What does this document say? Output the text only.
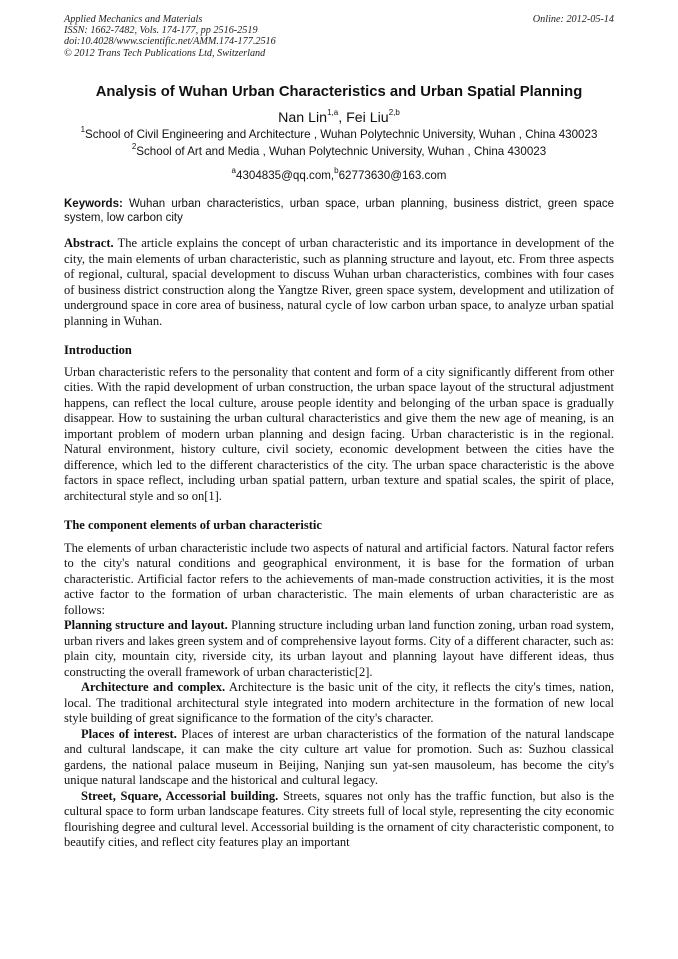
Applied Mechanics and Materials
ISSN: 1662-7482, Vols. 174-177, pp 2516-2519
doi:10.4028/www.scientific.net/AMM.174-177.2516
© 2012 Trans Tech Publications Ltd, Switzerland
Online: 2012-05-14
Analysis of Wuhan Urban Characteristics and Urban Spatial Planning
Nan Lin$^{1,a}$, Fei Liu$^{2,b}$
$^1$School of Civil Engineering and Architecture , Wuhan Polytechnic University, Wuhan , China 430023
$^2$School of Art and Media , Wuhan Polytechnic University, Wuhan , China 430023
$^a$4304835@qq.com,$^b$62773630@163.com
Keywords: Wuhan urban characteristics, urban space, urban planning, business district, green space system, low carbon city

Abstract. The article explains the concept of urban characteristic and its importance in development of the city, the main elements of urban characteristic, such as planning structure and layout, etc. From three aspects of regional, cultural, spacial development to discuss Wuhan urban characteristics, combines with four cases of business district construction along the Yangtze River, green space system, development and utilization of underground space in core area of business, natural cycle of low carbon urban space, to analyze urban spatial planning in Wuhan.

Introduction

Urban characteristic refers to the personality that content and form of a city significantly different from other cities. With the rapid development of urban construction, the urban space layout of the structural adjustment happens, can reflect the local culture, arouse people identity and belonging of the urban space is gradually disappear. How to sustaining the urban cultural characteristics and give them the new age of meaning, is an important problem of modern urban planning and design facing. Urban characteristic is in the regional. Natural environment, history culture, civil society, economic development between the cities have the difference, which led to the different characteristics of the city. The urban space characteristic is the above factors in space reflect, including urban spatial pattern, urban texture and spatial scales, the spirit of place, architectural style and so on[1].

The component elements of urban characteristic

The elements of urban characteristic include two aspects of natural and artificial factors. Natural factor refers to the city's natural conditions and geographical environment, it is base for the formation of urban characteristic. Artificial factor refers to the achievements of man-made construction activities, it is the most active factor to the formation of urban characteristic. The main elements of urban characteristic are as follows:

Planning structure and layout. Planning structure including urban land function zoning, urban road system, urban rivers and lakes green system and of comprehensive layout forms. City of a different character, such as: plain city, mountain city, riverside city, its urban layout and planning layout have different ideas, thus constructing the overall framework of urban characteristic[2].

Architecture and complex. Architecture is the basic unit of the city, it reflects the city's times, nation, local. The traditional architectural style integrated into modern architecture in the formation of new local style building of great significance to the formation of the city's character.

Places of interest. Places of interest are urban characteristics of the formation of the natural landscape and cultural landscape, it can make the city culture art value for promotion. Such as: Suzhou classical gardens, the national palace museum in Beijing, Nanjing sun yat-sen mausoleum, has become the city's unique natural landscape and the historical and cultural legacy.

Street, Square, Accessorial building. Streets, squares not only has the traffic function, but also is the cultural space to form urban landscape features. City streets full of local style, representing the city economic flourishing degree and cultural level. Accessorial building is the ornament of city characteristic component, to beautify cities, and reflect city features play an important
